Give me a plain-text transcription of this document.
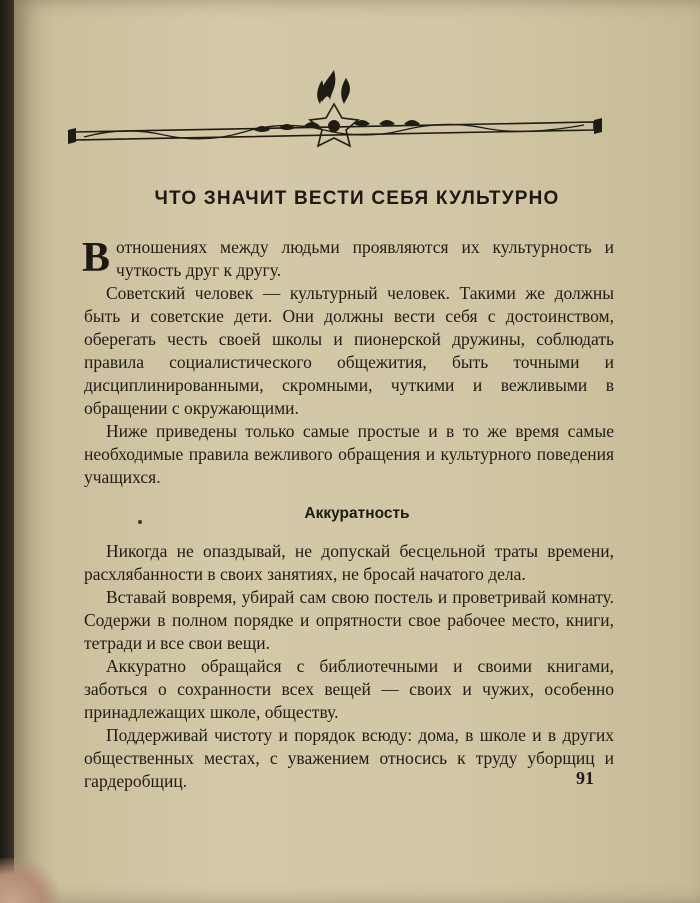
ЧТО ЗНАЧИТ ВЕСТИ СЕБЯ КУЛЬТУРНО

Вотношениях между людьми проявляются их культурность и чуткость друг к другу.

Советский человек — культурный человек. Такими же должны быть и советские дети. Они должны вести себя с достоинством, оберегать честь своей школы и пионерской дружины, соблюдать правила социалистического общежития, быть точными и дисциплинированными, скромными, чуткими и вежливыми в обращении с окружающими.

Ниже приведены только самые простые и в то же время самые необходимые правила вежливого обращения и культурного поведения учащихся.

Аккуратность

Никогда не опаздывай, не допускай бесцельной траты времени, расхлябанности в своих занятиях, не бросай начатого дела.

Вставай вовремя, убирай сам свою постель и проветривай комнату. Содержи в полном порядке и опрятности свое рабочее место, книги, тетради и все свои вещи.

Аккуратно обращайся с библиотечными и своими книгами, заботься о сохранности всех вещей — своих и чужих, особенно принадлежащих школе, обществу.

Поддерживай чистоту и порядок всюду: дома, в школе и в других общественных местах, с уважением относись к труду уборщиц и гардеробщиц.	91
